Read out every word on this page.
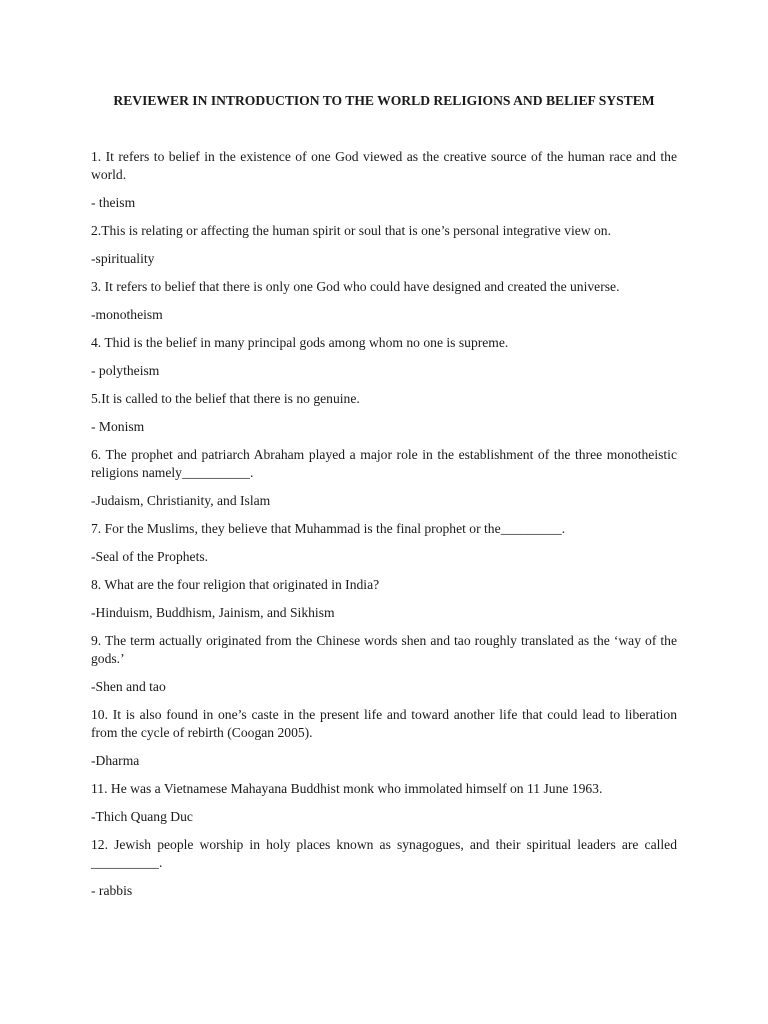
REVIEWER IN INTRODUCTION TO THE WORLD RELIGIONS AND BELIEF SYSTEM

1. It refers to belief in the existence of one God viewed as the creative source of the human race and the world.

- theism

2.This is relating or affecting the human spirit or soul that is one’s personal integrative view on.

-spirituality

3. It refers to belief that there is only one God who could have designed and created the universe.

-monotheism

4. Thid is the belief in many principal gods among whom no one is supreme.

- polytheism

5.It is called to the belief that there is no genuine.

- Monism

6. The prophet and patriarch Abraham played a major role in the establishment of the three monotheistic religions namely__________.

-Judaism, Christianity, and Islam

7. For the Muslims, they believe that Muhammad is the final prophet or the_________.

-Seal of the Prophets.

8. What are the four religion that originated in India?

-Hinduism, Buddhism, Jainism, and Sikhism

9. The term actually originated from the Chinese words shen and tao roughly translated as the ‘way of the gods.’

-Shen and tao

10. It is also found in one’s caste in the present life and toward another life that could lead to liberation from the cycle of rebirth (Coogan 2005).

-Dharma

11. He was a Vietnamese Mahayana Buddhist monk who immolated himself on 11 June 1963.

-Thich Quang Duc

12. Jewish people worship in holy places known as synagogues, and their spiritual leaders are called __________.

- rabbis
